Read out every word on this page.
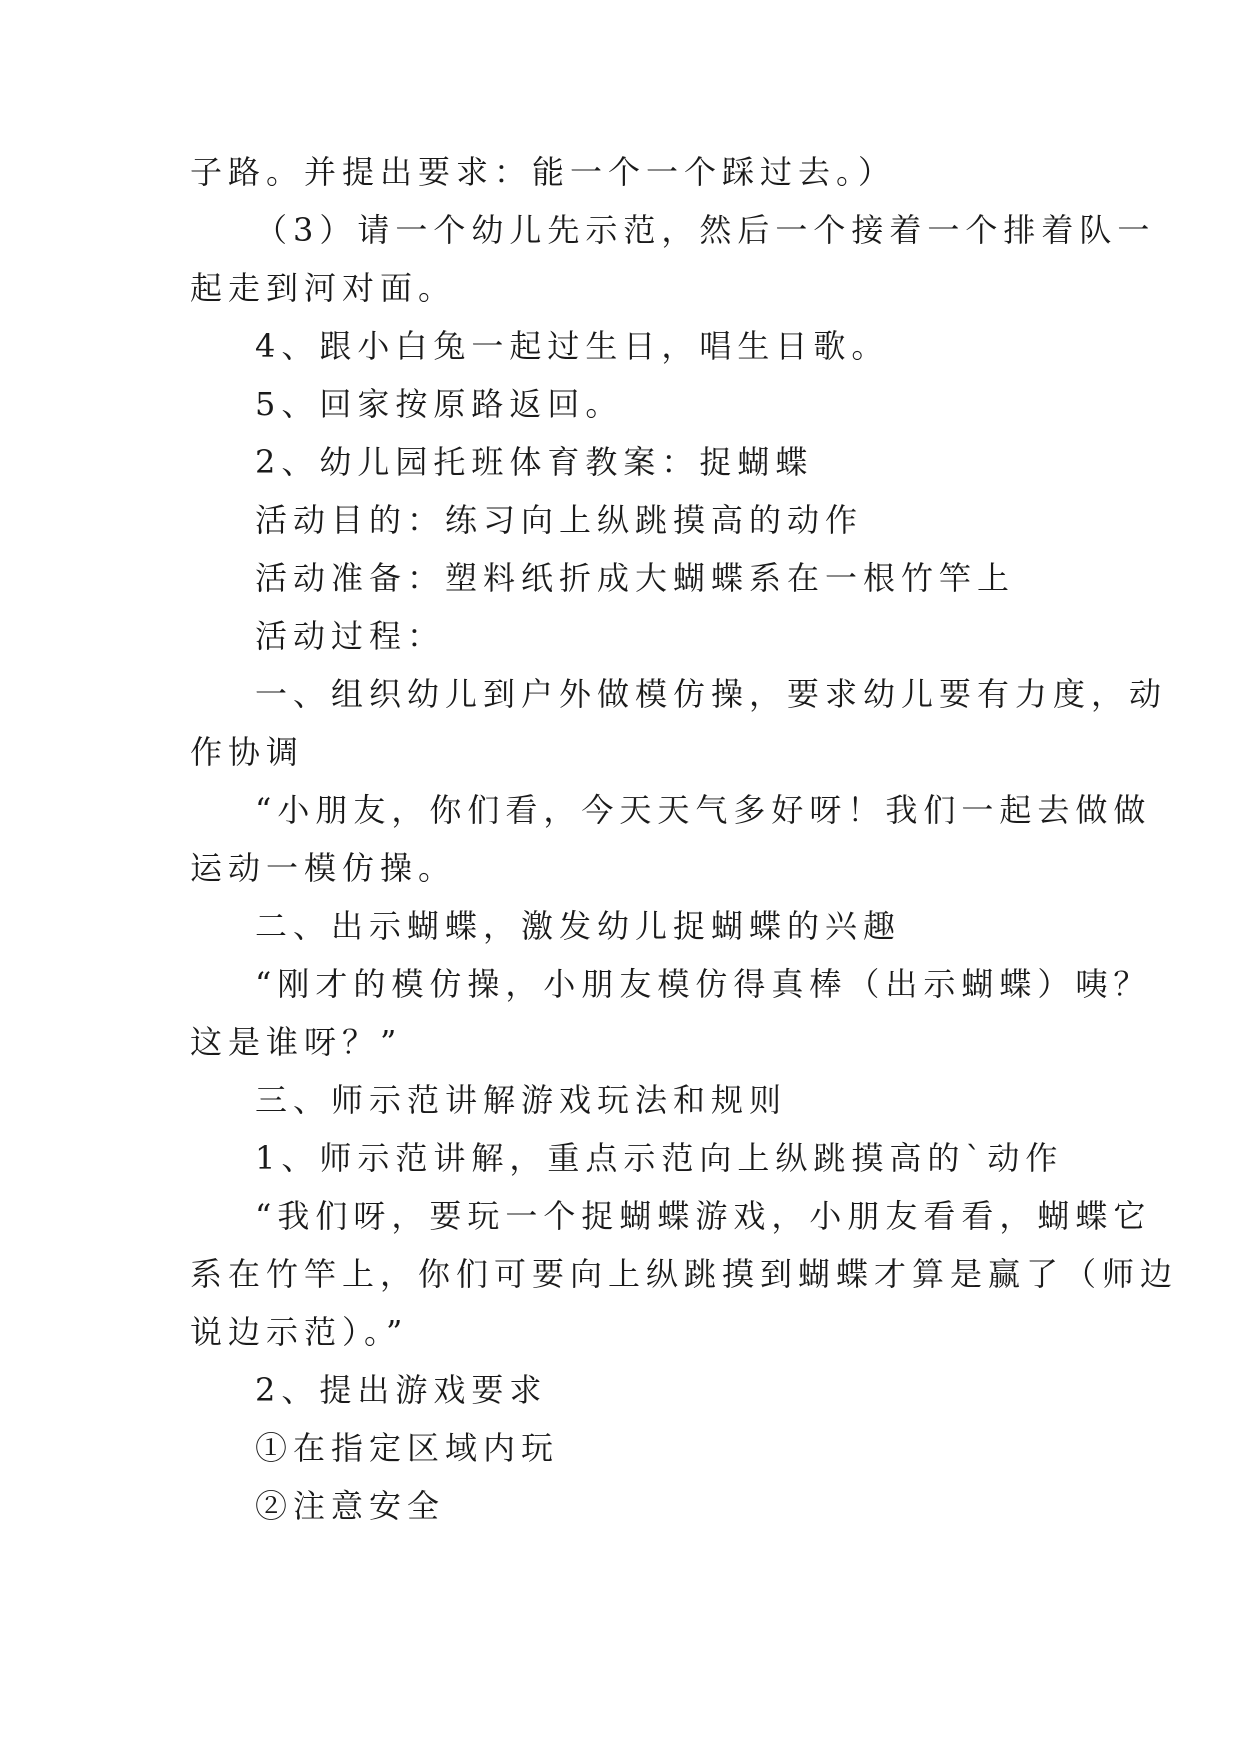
子路。并提出要求：能一个一个踩过去。）
（3）请一个幼儿先示范，然后一个接着一个排着队一
起走到河对面。
4、跟小白兔一起过生日，唱生日歌。
5、回家按原路返回。
2、幼儿园托班体育教案：捉蝴蝶
活动目的：练习向上纵跳摸高的动作
活动准备：塑料纸折成大蝴蝶系在一根竹竿上
活动过程：
一、组织幼儿到户外做模仿操，要求幼儿要有力度，动
作协调
“小朋友，你们看，今天天气多好呀！我们一起去做做
运动一模仿操。
二、出示蝴蝶，激发幼儿捉蝴蝶的兴趣
“刚才的模仿操，小朋友模仿得真棒（出示蝴蝶）咦？
这是谁呀？”
三、师示范讲解游戏玩法和规则
1、师示范讲解，重点示范向上纵跳摸高的`动作
“我们呀，要玩一个捉蝴蝶游戏，小朋友看看，蝴蝶它
系在竹竿上，你们可要向上纵跳摸到蝴蝶才算是赢了（师边
说边示范）。”
2、提出游戏要求
①在指定区域内玩
②注意安全
